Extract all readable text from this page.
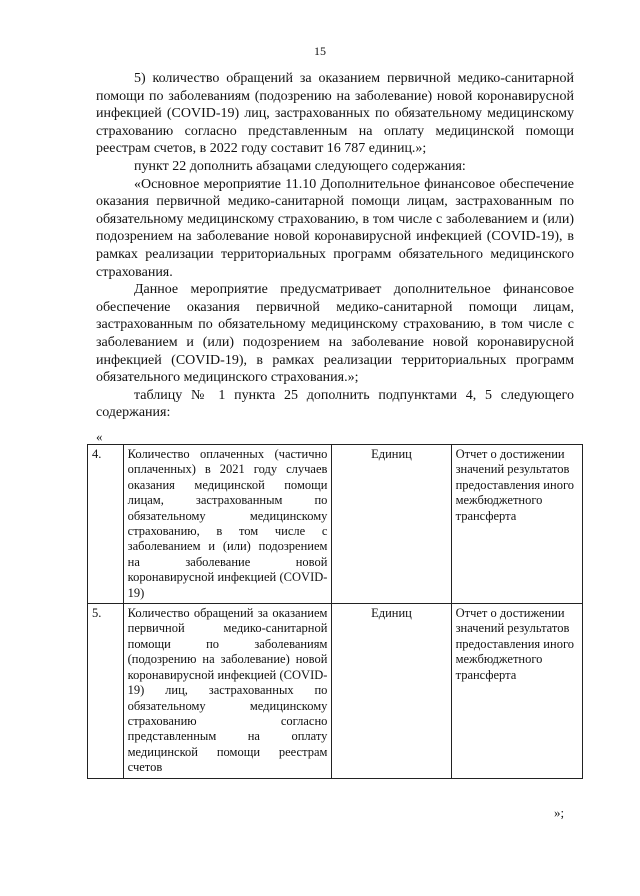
15

5) количество обращений за оказанием первичной медико-санитарной помощи по заболеваниям (подозрению на заболевание) новой коронавирусной инфекцией (COVID-19) лиц, застрахованных по обязательному медицинскому страхованию согласно представленным на оплату медицинской помощи реестрам счетов, в 2022 году составит 16 787 единиц.»;

пункт 22 дополнить абзацами следующего содержания:

«Основное мероприятие 11.10 Дополнительное финансовое обеспечение оказания первичной медико-санитарной помощи лицам, застрахованным по обязательному медицинскому страхованию, в том числе с заболеванием и (или) подозрением на заболевание новой коронавирусной инфекцией (COVID-19), в рамках реализации территориальных программ обязательного медицинского страхования.

Данное мероприятие предусматривает дополнительное финансовое обеспечение оказания первичной медико-санитарной помощи лицам, застрахованным по обязательному медицинскому страхованию, в том числе с заболеванием и (или) подозрением на заболевание новой коронавирусной инфекцией (COVID-19), в рамках реализации территориальных программ обязательного медицинского страхования.»;

таблицу № 1 пункта 25 дополнить подпунктами 4, 5 следующего содержания:

«
4.	Количество оплаченных (частично оплаченных) в 2021 году случаев оказания медицинской помощи лицам, застрахованным по обязательному медицинскому страхованию, в том числе с заболеванием и (или) подозрением на заболевание новой коронавирусной инфекцией (COVID-19)	Единиц	Отчет о достижении значений результатов предоставления иного межбюджетного трансферта
5.	Количество обращений за оказанием первичной медико-санитарной помощи по заболеваниям (подозрению на заболевание) новой коронавирусной инфекцией (COVID-19) лиц, застрахованных по обязательному медицинскому страхованию согласно представленным на оплату медицинской помощи реестрам счетов	Единиц	Отчет о достижении значений результатов предоставления иного межбюджетного трансферта
»;
